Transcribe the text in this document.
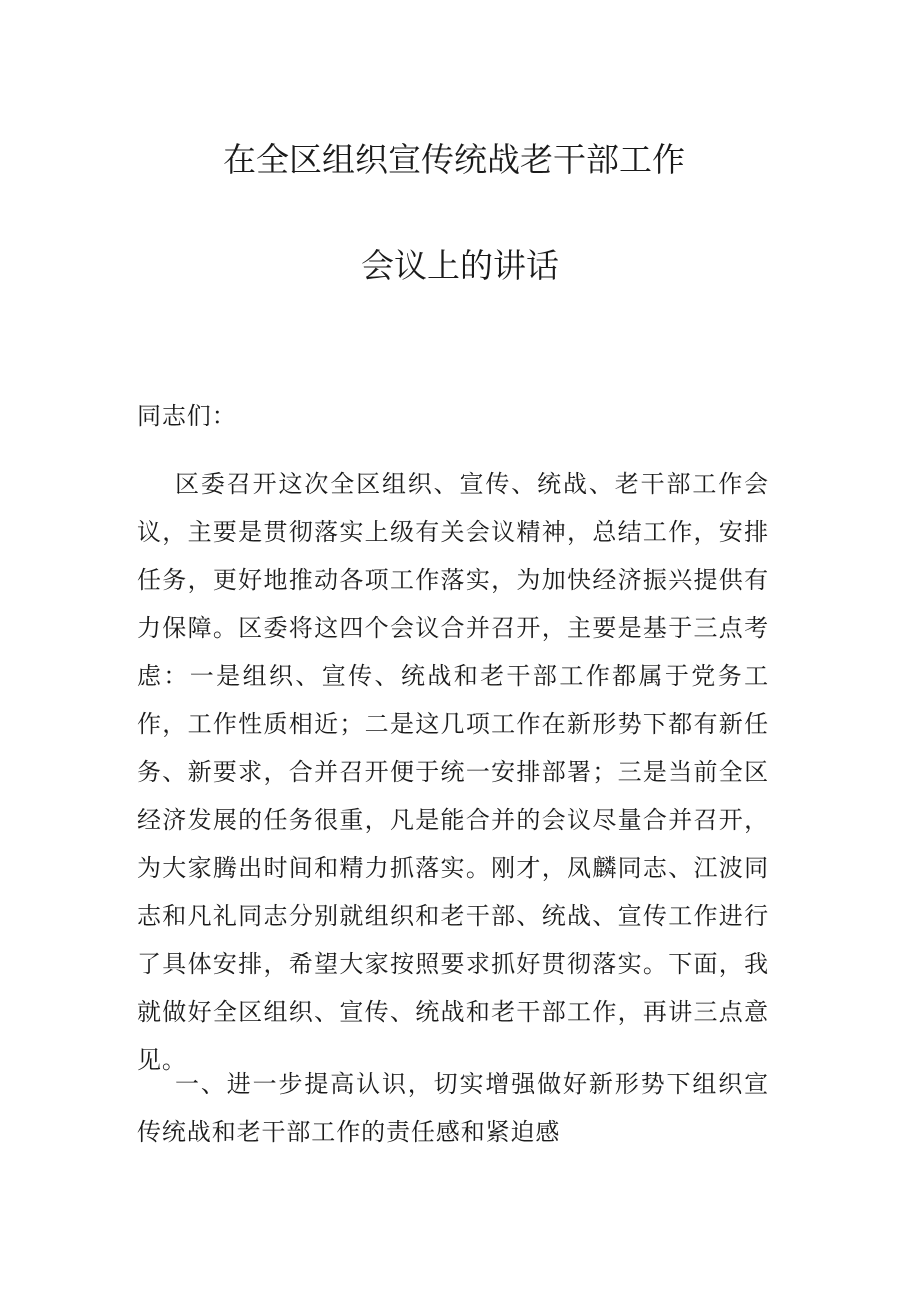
在全区组织宣传统战老干部工作
会议上的讲话

同志们：

区委召开这次全区组织、宣传、统战、老干部工作会议，主要是贯彻落实上级有关会议精神，总结工作，安排任务，更好地推动各项工作落实，为加快经济振兴提供有力保障。区委将这四个会议合并召开，主要是基于三点考虑：一是组织、宣传、统战和老干部工作都属于党务工作，工作性质相近；二是这几项工作在新形势下都有新任务、新要求，合并召开便于统一安排部署；三是当前全区经济发展的任务很重，凡是能合并的会议尽量合并召开，为大家腾出时间和精力抓落实。刚才，凤麟同志、江波同志和凡礼同志分别就组织和老干部、统战、宣传工作进行了具体安排，希望大家按照要求抓好贯彻落实。下面，我就做好全区组织、宣传、统战和老干部工作，再讲三点意见。

一、进一步提高认识，切实增强做好新形势下组织宣传统战和老干部工作的责任感和紧迫感
